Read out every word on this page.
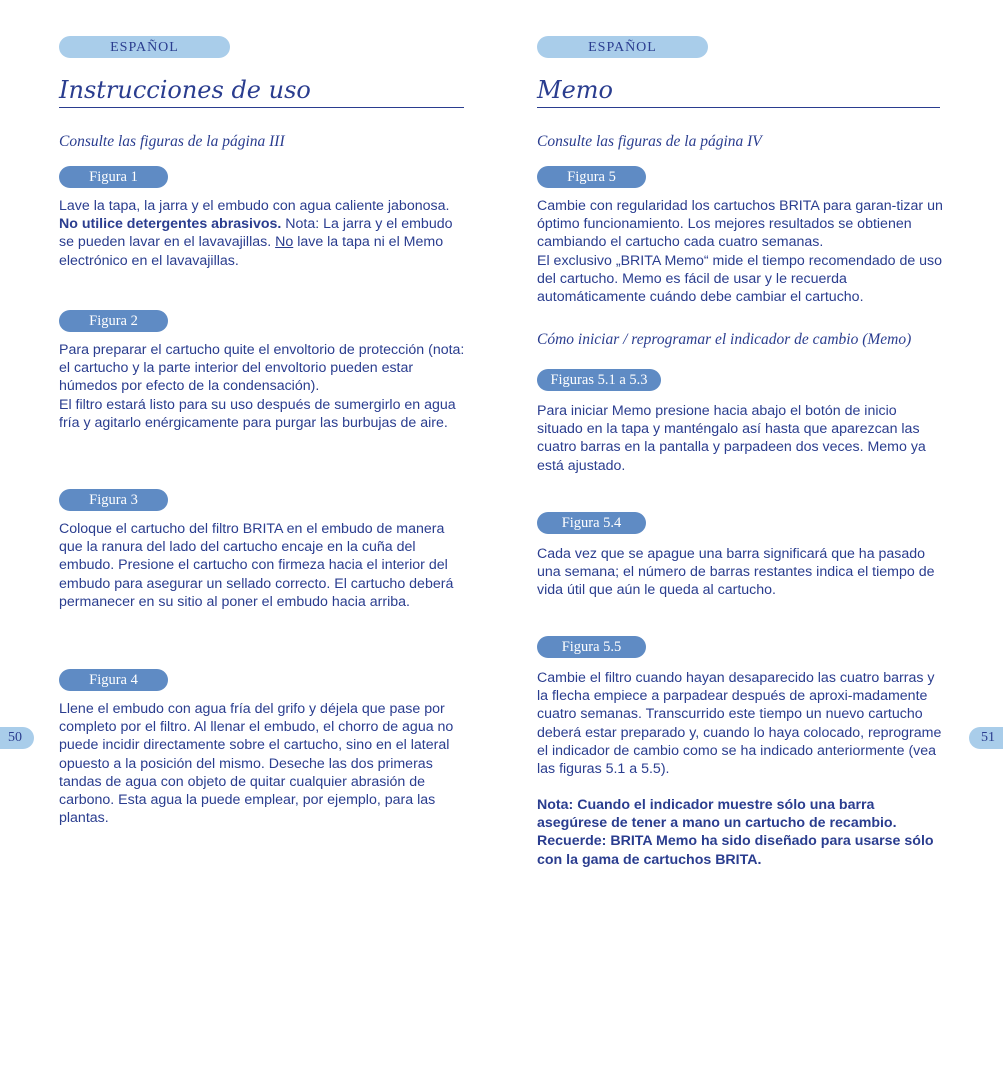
ESPAÑOL
Instrucciones de uso
Consulte las figuras de la página III
Figura 1

Lave la tapa, la jarra y el embudo con agua caliente jabonosa. No utilice detergentes abrasivos. Nota: La jarra y el embudo se pueden lavar en el lavavajillas. No lave la tapa ni el Memo electrónico en el lavavajillas.

Figura 2

Para preparar el cartucho quite el envoltorio de protección (nota: el cartucho y la parte interior del envoltorio pueden estar húmedos por efecto de la condensación).
El filtro estará listo para su uso después de sumergirlo en agua fría y agitarlo enérgicamente para purgar las burbujas de aire.

Figura 3

Coloque el cartucho del filtro BRITA en el embudo de manera que la ranura del lado del cartucho encaje en la cuña del embudo. Presione el cartucho con firmeza hacia el interior del embudo para asegurar un sellado correcto. El cartucho deberá permanecer en su sitio al poner el embudo hacia arriba.

Figura 4

Llene el embudo con agua fría del grifo y déjela que pase por completo por el filtro. Al llenar el embudo, el chorro de agua no puede incidir directamente sobre el cartucho, sino en el lateral opuesto a la posición del mismo. Deseche las dos primeras tandas de agua con objeto de quitar cualquier abrasión de carbono. Esta agua la puede emplear, por ejemplo, para las plantas.

50
ESPAÑOL
Memo
Consulte las figuras de la página IV
Figura 5

Cambie con regularidad los cartuchos BRITA para garan-tizar un óptimo funcionamiento. Los mejores resultados se obtienen cambiando el cartucho cada cuatro semanas.
El exclusivo „BRITA Memo“ mide el tiempo recomendado de uso del cartucho. Memo es fácil de usar y le recuerda automáticamente cuándo debe cambiar el cartucho.

Cómo iniciar / reprogramar el indicador de cambio (Memo)
Figuras 5.1 a 5.3

Para iniciar Memo presione hacia abajo el botón de inicio situado en la tapa y manténgalo así hasta que aparezcan las cuatro barras en la pantalla y parpadeen dos veces. Memo ya está ajustado.

Figura 5.4

Cada vez que se apague una barra significará que ha pasado una semana; el número de barras restantes indica el tiempo de vida útil que aún le queda al cartucho.

Figura 5.5

Cambie el filtro cuando hayan desaparecido las cuatro barras y la flecha empiece a parpadear después de aproxi-madamente cuatro semanas. Transcurrido este tiempo un nuevo cartucho deberá estar preparado y, cuando lo haya colocado, reprograme el indicador de cambio como se ha indicado anteriormente (vea las figuras 5.1 a 5.5).

Nota: Cuando el indicador muestre sólo una barra asegúrese de tener a mano un cartucho de recambio. Recuerde: BRITA Memo ha sido diseñado para usarse sólo con la gama de cartuchos BRITA.

51
